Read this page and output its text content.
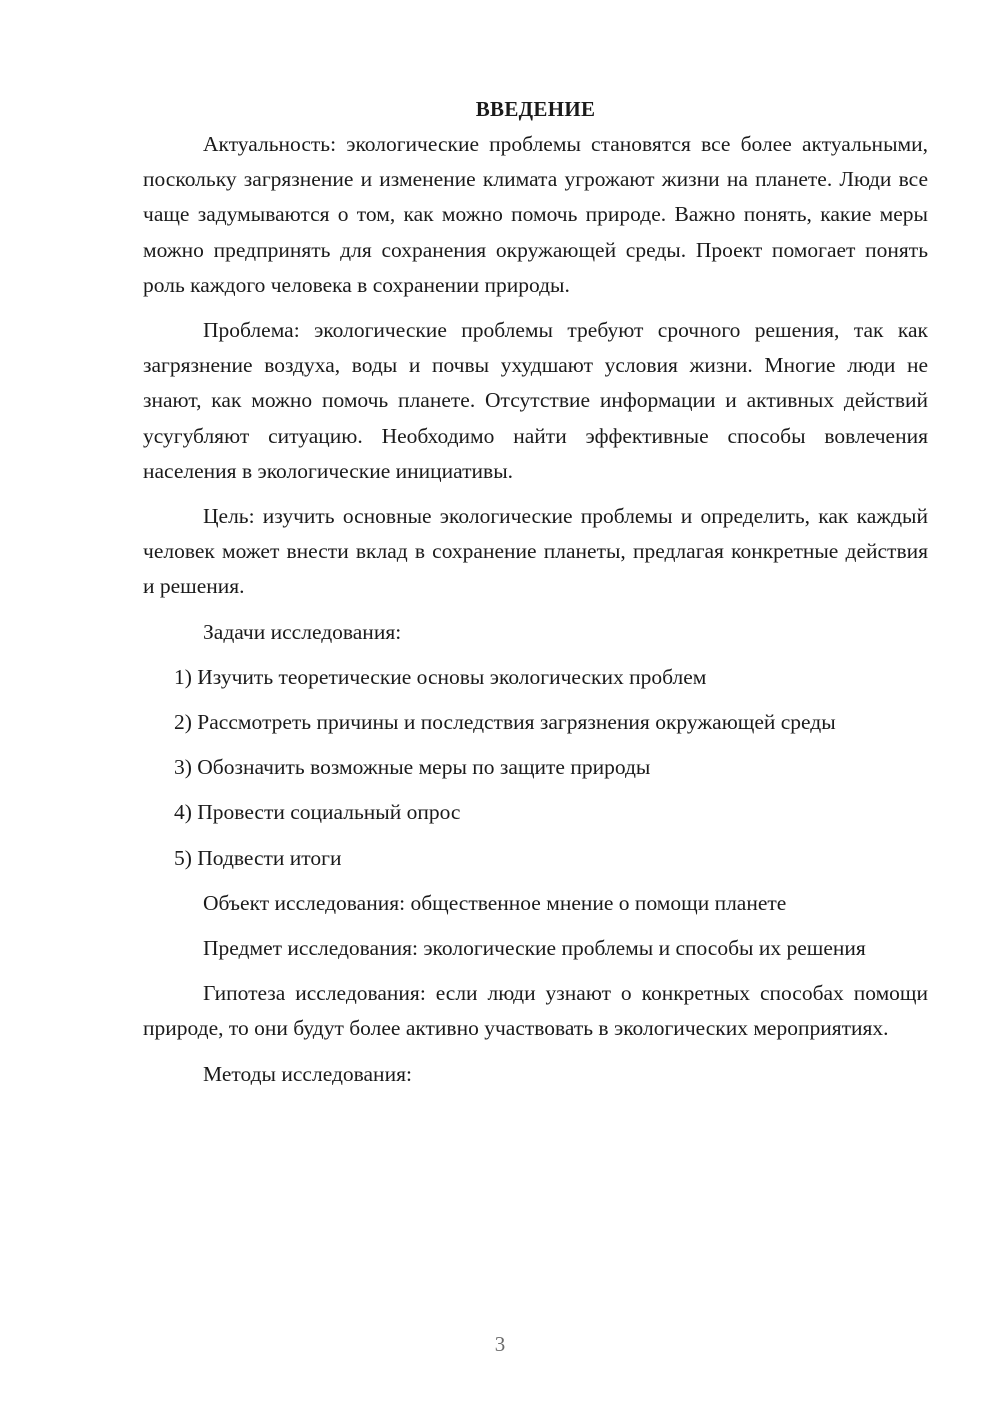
ВВЕДЕНИЕ

Актуальность: экологические проблемы становятся все более актуальными, поскольку загрязнение и изменение климата угрожают жизни на планете. Люди все чаще задумываются о том, как можно помочь природе. Важно понять, какие меры можно предпринять для сохранения окружающей среды. Проект помогает понять роль каждого человека в сохранении природы.

Проблема: экологические проблемы требуют срочного решения, так как загрязнение воздуха, воды и почвы ухудшают условия жизни. Многие люди не знают, как можно помочь планете. Отсутствие информации и активных действий усугубляют ситуацию. Необходимо найти эффективные способы вовлечения населения в экологические инициативы.

Цель: изучить основные экологические проблемы и определить, как каждый человек может внести вклад в сохранение планеты, предлагая конкретные действия и решения.

Задачи исследования:

1) Изучить теоретические основы экологических проблем

2) Рассмотреть причины и последствия загрязнения окружающей среды

3) Обозначить возможные меры по защите природы

4) Провести социальный опрос

5) Подвести итоги

Объект исследования: общественное мнение о помощи планете

Предмет исследования: экологические проблемы и способы их решения

Гипотеза исследования: если люди узнают о конкретных способах помощи природе, то они будут более активно участвовать в экологических мероприятиях.

Методы исследования:

3
